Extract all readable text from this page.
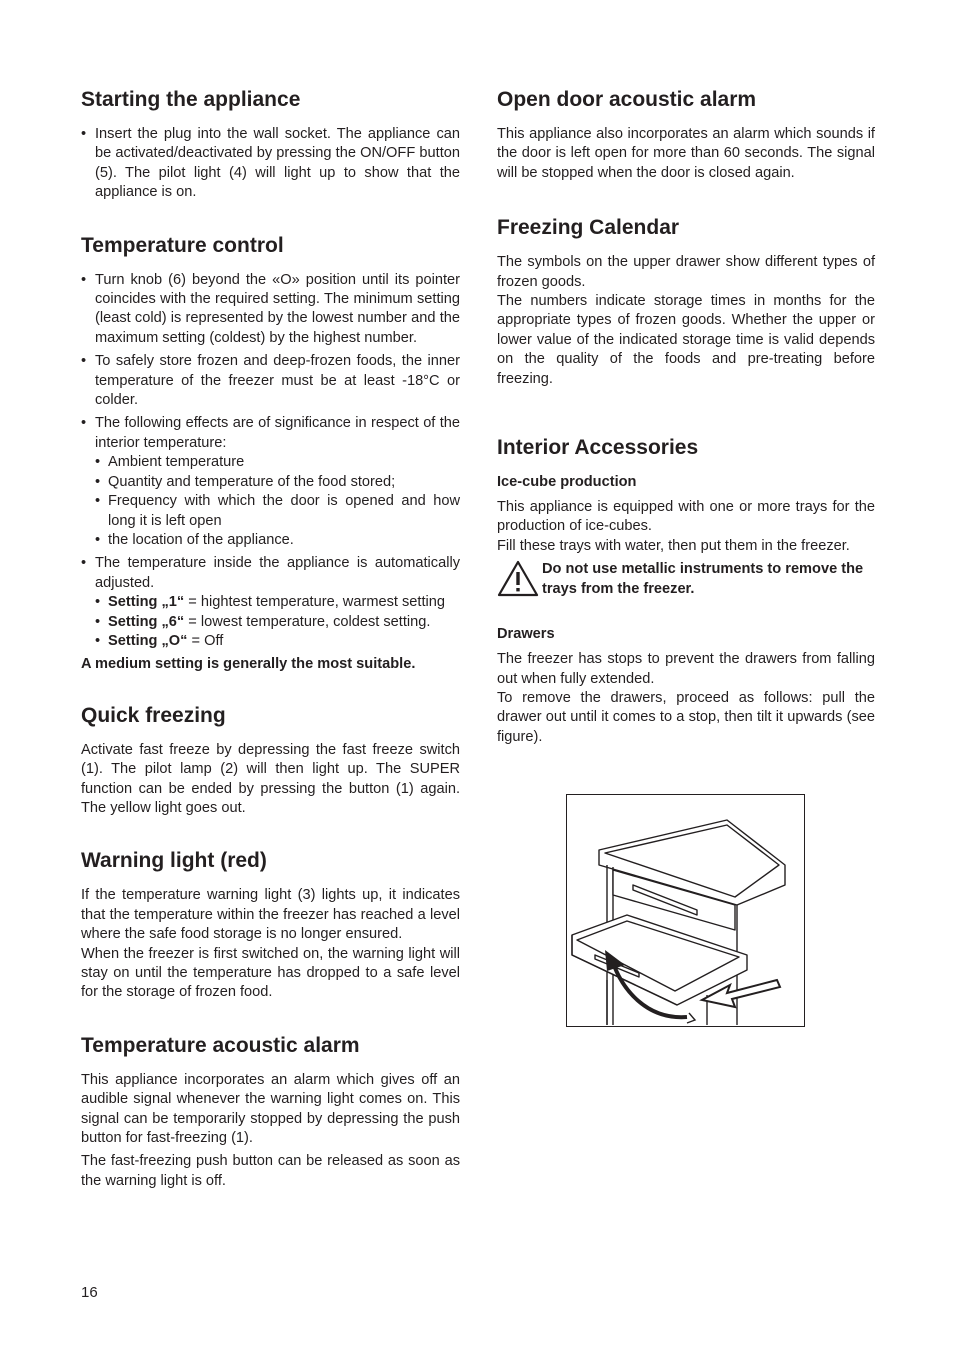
Starting the appliance
• Insert the plug into the wall socket. The appliance can be activated/deactivated by pressing the ON/OFF button (5). The pilot light (4) will light up to show that the appliance is on.
Temperature control
• Turn knob (6) beyond the «O» position until its pointer coincides with the required setting. The minimum setting (least cold) is represented by the lowest number and the maximum setting (coldest) by the highest number.
• To safely store frozen and deep-frozen foods, the inner temperature of the freezer must be at least -18°C or colder.
• The following effects are of significance in respect of the interior temperature:
• Ambient temperature
• Quantity and temperature of the food stored;
• Frequency with which the door is opened and how long it is left open
• the location of the appliance.
• The temperature inside the appliance is automatically adjusted.
• Setting „1“ = hightest temperature, warmest setting
• Setting „6“ = lowest temperature, coldest setting.
• Setting „O“ = Off

A medium setting is generally the most suitable.

Quick freezing

Activate fast freeze by depressing the fast freeze switch (1). The pilot lamp (2) will then light up. The SUPER function can be ended by pressing the button (1) again. The yellow light goes out.

Warning light (red)

If the temperature warning light (3) lights up, it indicates that the temperature within the freezer has reached a level where the safe food storage is no longer ensured.

When the freezer is first switched on, the warning light will stay on until the temperature has dropped to a safe level for the storage of frozen food.

Temperature acoustic alarm

This appliance incorporates an alarm which gives off an audible signal whenever the warning light comes on. This signal can be temporarily stopped by depressing the push button for fast-freezing (1).

The fast-freezing push button can be released as soon as the warning light is off.

Open door acoustic alarm

This appliance also incorporates an alarm which sounds if the door is left open for more than 60 seconds. The signal will be stopped when the door is closed again.

Freezing Calendar

The symbols on the upper drawer show different types of frozen goods.

The numbers indicate storage times in months for the appropriate types of frozen goods. Whether the upper or lower value of the indicated storage time is valid depends on the quality of the foods and pre-treating before freezing.

Interior Accessories
Ice-cube production

This appliance is equipped with one or more trays for the production of ice-cubes.

Fill these trays with water, then put them in the freezer.

Do not use metallic instruments to remove the trays from the freezer.
Drawers

The freezer has stops to prevent the drawers from falling out when fully extended.

To remove the drawers, proceed as follows: pull the drawer out until it comes to a stop, then tilt it upwards (see figure).

16
